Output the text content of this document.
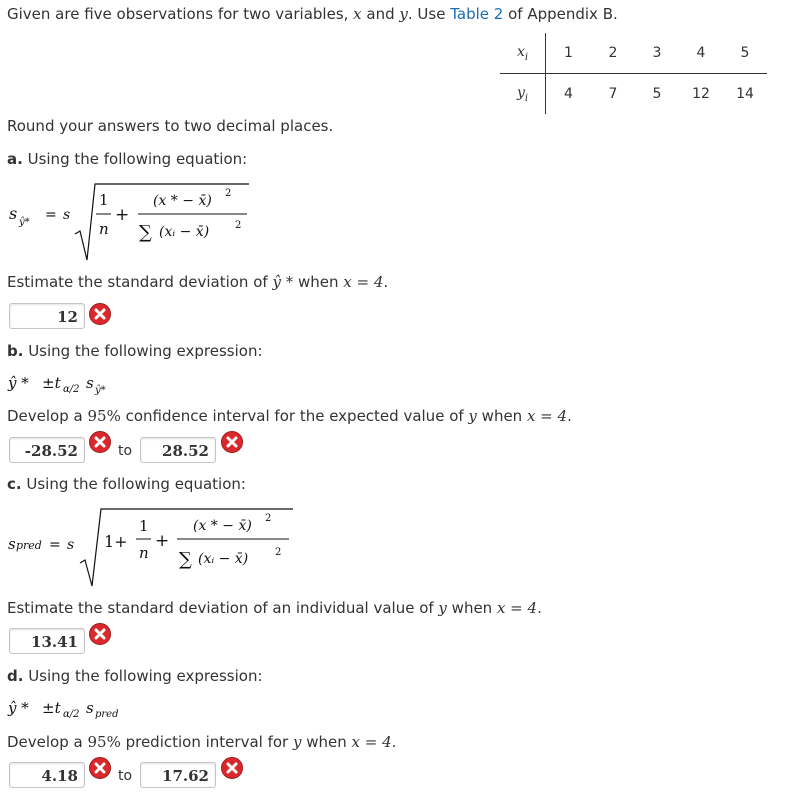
Given are five observations for two variables, x and y. Use Table 2 of Appendix B.
$x_i$	1	2	3	4	5
$y_i$	4	7	5	12	14
Round your answers to two decimal places.
a. Using the following equation:
s ŷ* = s
1
n
+
(x * − x̄) 2
∑ (xᵢ − x̄)	2
Estimate the standard deviation of ŷ * when x = 4.
12
b. Using the following expression:
ŷ * ±t α/2 s ŷ*
Develop a 95% confidence interval for the expected value of y when x = 4.
-28.52	to	28.52
c. Using the following equation:
s pred = s 1+
1
n
+
(x * − x̄) 2
∑ (xᵢ − x̄)	2
Estimate the standard deviation of an individual value of y when x = 4.
13.41
d. Using the following expression:
ŷ * ±t α/2 s pred
Develop a 95% prediction interval for y when x = 4.
4.18	to	17.62
